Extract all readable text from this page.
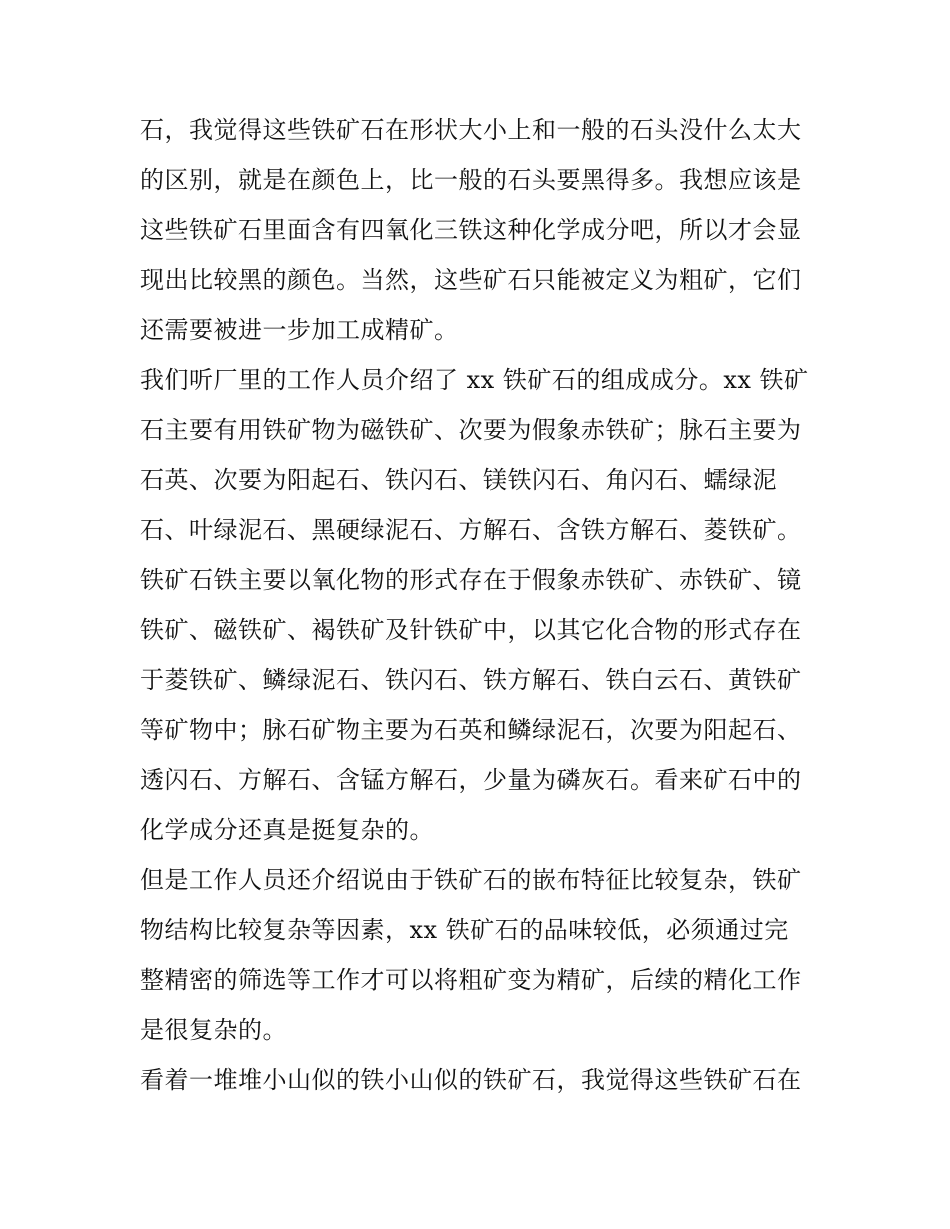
石，我觉得这些铁矿石在形状大小上和一般的石头没什么太大
的区别，就是在颜色上，比一般的石头要黑得多。我想应该是
这些铁矿石里面含有四氧化三铁这种化学成分吧，所以才会显
现出比较黑的颜色。当然，这些矿石只能被定义为粗矿，它们
还需要被进一步加工成精矿。
我们听厂里的工作人员介绍了 xx 铁矿石的组成成分。xx 铁矿
石主要有用铁矿物为磁铁矿、次要为假象赤铁矿；脉石主要为
石英、次要为阳起石、铁闪石、镁铁闪石、角闪石、蠕绿泥
石、叶绿泥石、黑硬绿泥石、方解石、含铁方解石、菱铁矿。
铁矿石铁主要以氧化物的形式存在于假象赤铁矿、赤铁矿、镜
铁矿、磁铁矿、褐铁矿及针铁矿中，以其它化合物的形式存在
于菱铁矿、鳞绿泥石、铁闪石、铁方解石、铁白云石、黄铁矿
等矿物中；脉石矿物主要为石英和鳞绿泥石，次要为阳起石、
透闪石、方解石、含锰方解石，少量为磷灰石。看来矿石中的
化学成分还真是挺复杂的。
但是工作人员还介绍说由于铁矿石的嵌布特征比较复杂，铁矿
物结构比较复杂等因素，xx 铁矿石的品味较低，必须通过完
整精密的筛选等工作才可以将粗矿变为精矿，后续的精化工作
是很复杂的。
看着一堆堆小山似的铁小山似的铁矿石，我觉得这些铁矿石在
